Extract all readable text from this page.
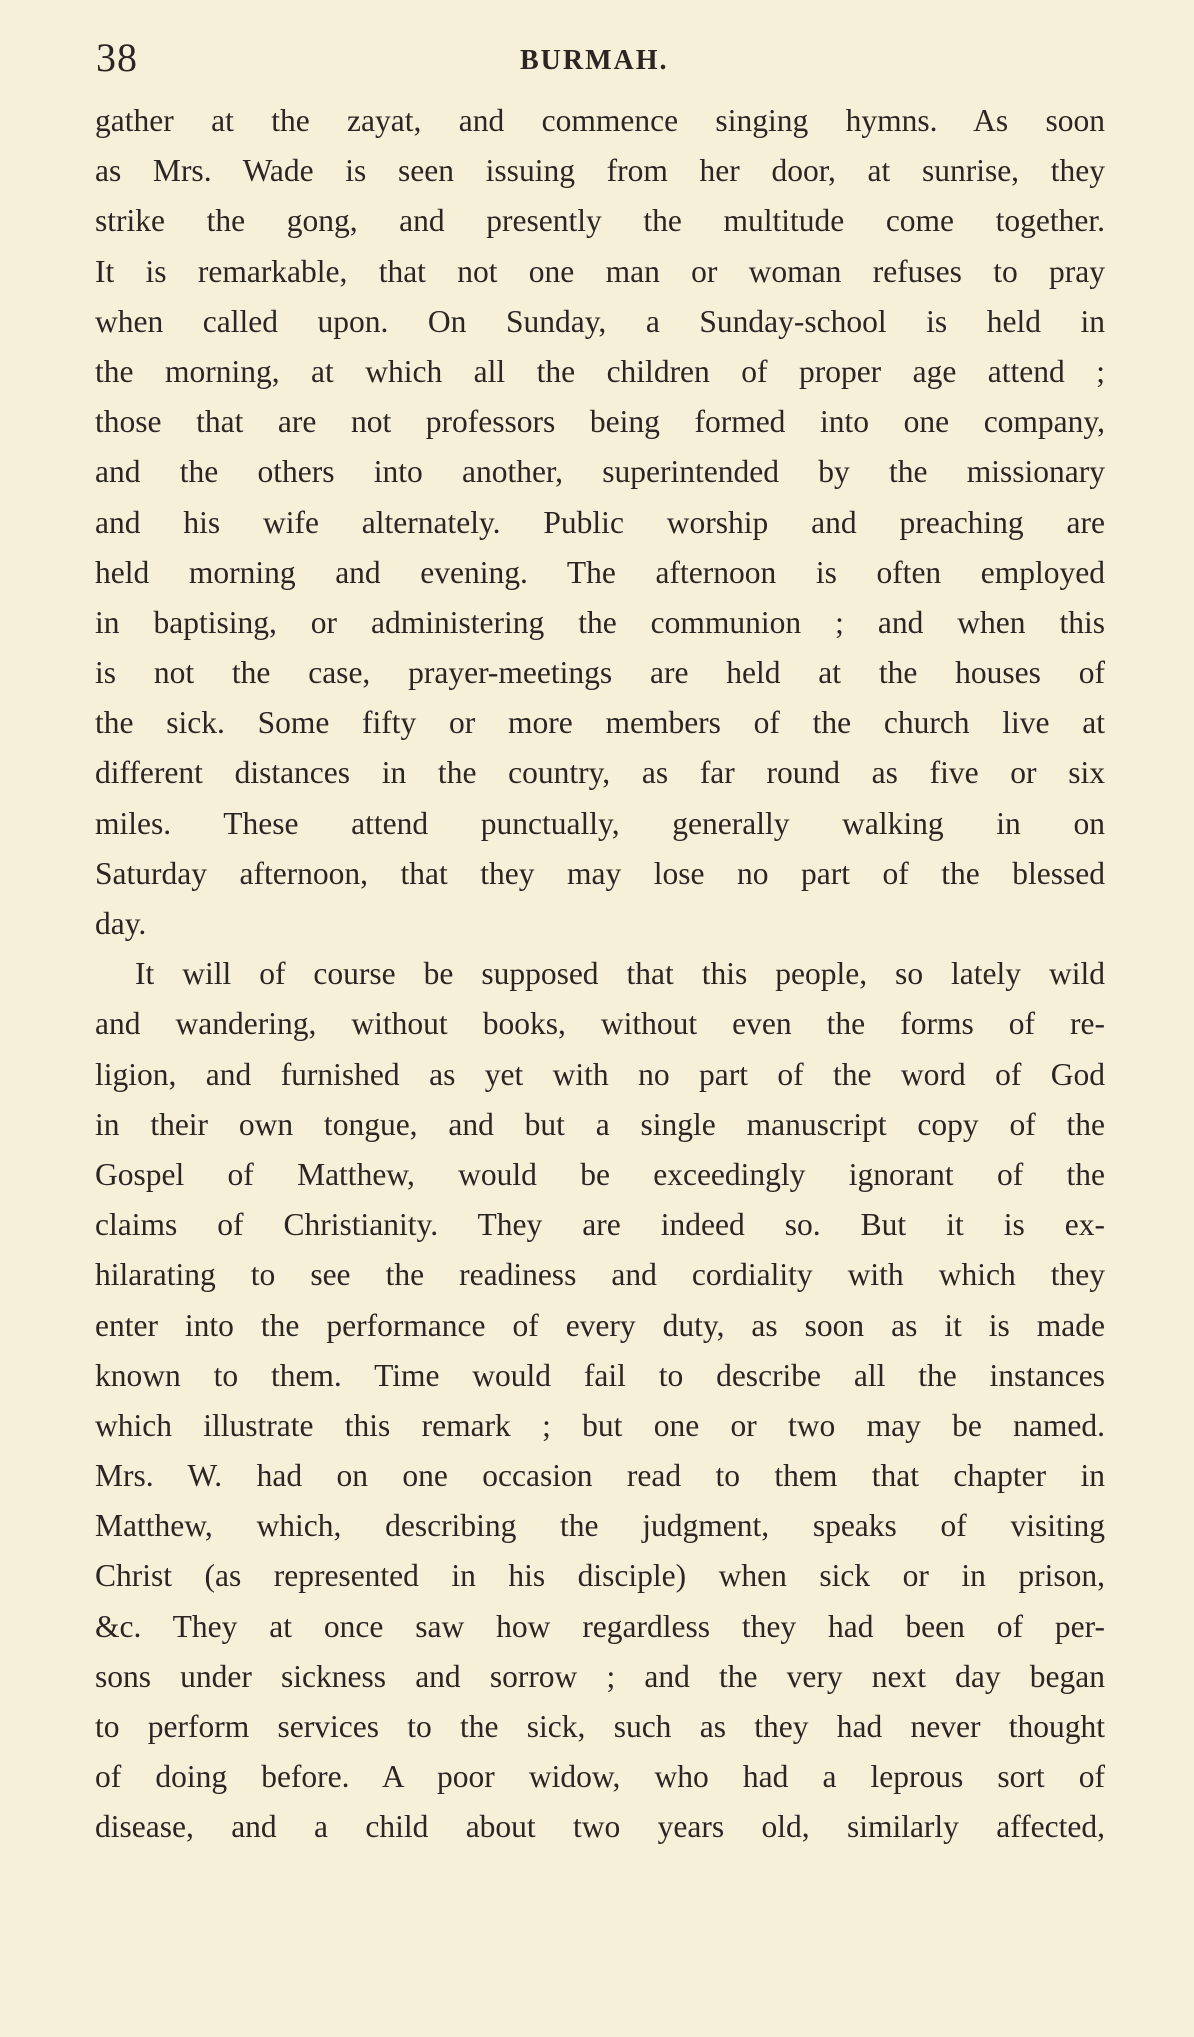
38	BURMAH.
gather at the zayat, and commence singing hymns. As soon
as Mrs. Wade is seen issuing from her door, at sunrise, they
strike the gong, and presently the multitude come together.
It is remarkable, that not one man or woman refuses to pray
when called upon. On Sunday, a Sunday-school is held in
the morning, at which all the children of proper age attend ;
those that are not professors being formed into one company,
and the others into another, superintended by the missionary
and his wife alternately. Public worship and preaching are
held morning and evening. The afternoon is often employed
in baptising, or administering the communion ; and when this
is not the case, prayer-meetings are held at the houses of
the sick. Some fifty or more members of the church live at
different distances in the country, as far round as five or six
miles. These attend punctually, generally walking in on
Saturday afternoon, that they may lose no part of the blessed
day.
It will of course be supposed that this people, so lately wild
and wandering, without books, without even the forms of re-
ligion, and furnished as yet with no part of the word of God
in their own tongue, and but a single manuscript copy of the
Gospel of Matthew, would be exceedingly ignorant of the
claims of Christianity. They are indeed so. But it is ex-
hilarating to see the readiness and cordiality with which they
enter into the performance of every duty, as soon as it is made
known to them. Time would fail to describe all the instances
which illustrate this remark ; but one or two may be named.
Mrs. W. had on one occasion read to them that chapter in
Matthew, which, describing the judgment, speaks of visiting
Christ (as represented in his disciple) when sick or in prison,
&c. They at once saw how regardless they had been of per-
sons under sickness and sorrow ; and the very next day began
to perform services to the sick, such as they had never thought
of doing before. A poor widow, who had a leprous sort of
disease, and a child about two years old, similarly affected,
